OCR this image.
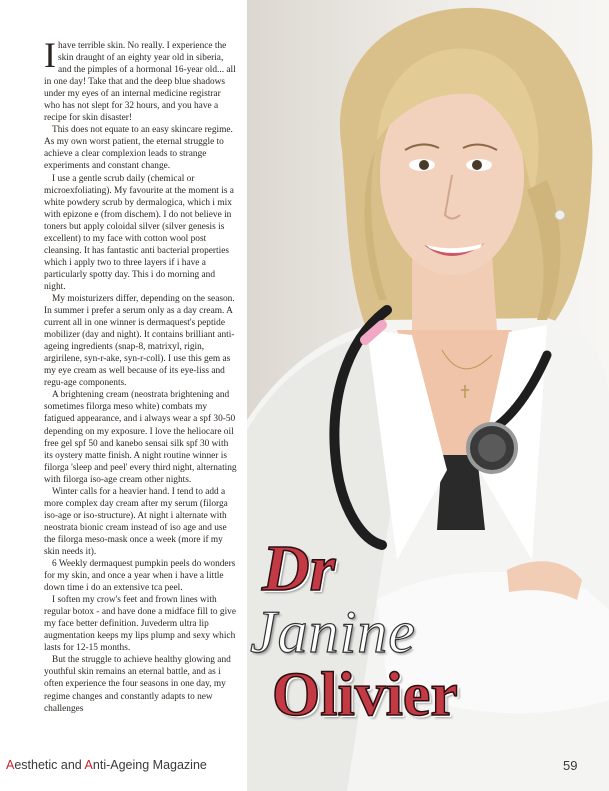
Ihave terrible skin. No really. I experience the skin draught of an eighty year old in siberia, and the pimples of a hormonal 16-year old... all in one day! Take that and the deep blue shadows under my eyes of an internal medicine registrar who has not slept for 32 hours, and you have a recipe for skin disaster!

This does not equate to an easy skincare regime. As my own worst patient, the eternal struggle to achieve a clear complexion leads to strange experiments and constant change.

I use a gentle scrub daily (chemical or microexfoliating). My favourite at the moment is a white powdery scrub by dermalogica, which i mix with epizone e (from dischem). I do not believe in toners but apply coloidal silver (silver genesis is excellent) to my face with cotton wool post cleansing. It has fantastic anti bacterial properties which i apply two to three layers if i have a particularly spotty day. This i do morning and night.

My moisturizers differ, depending on the season. In summer i prefer a serum only as a day cream. A current all in one winner is dermaquest's peptide mobilizer (day and night). It contains brilliant anti-ageing ingredients (snap-8, matrixyl, rigin, argirilene, syn-r-ake, syn-r-coll). I use this gem as my eye cream as well because of its eye-liss and regu-age components.

A brightening cream (neostrata brightening and sometimes filorga meso white) combats my fatigued appearance, and i always wear a spf 30-50 depending on my exposure. I love the heliocare oil free gel spf 50 and kanebo sensai silk spf 30 with its oystery matte finish. A night routine winner is filorga 'sleep and peel' every third night, alternating with filorga iso-age cream other nights.

Winter calls for a heavier hand. I tend to add a more complex day cream after my serum (filorga iso-age or iso-structure). At night i alternate with neostrata bionic cream instead of iso age and use the filorga meso-mask once a week (more if my skin needs it).

6 Weekly dermaquest pumpkin peels do wonders for my skin, and once a year when i have a little down time i do an extensive tca peel.

I soften my crow's feet and frown lines with regular botox - and have done a midface fill to give my face better definition. Juvederm ultra lip augmentation keeps my lips plump and sexy which lasts for 12-15 months.

But the struggle to achieve healthy glowing and youthful skin remains an eternal battle, and as i often experience the four seasons in one day, my regime changes and constantly adapts to new challenges

Dr
Janine
Olivier
Aesthetic and Anti-Ageing Magazine	59
